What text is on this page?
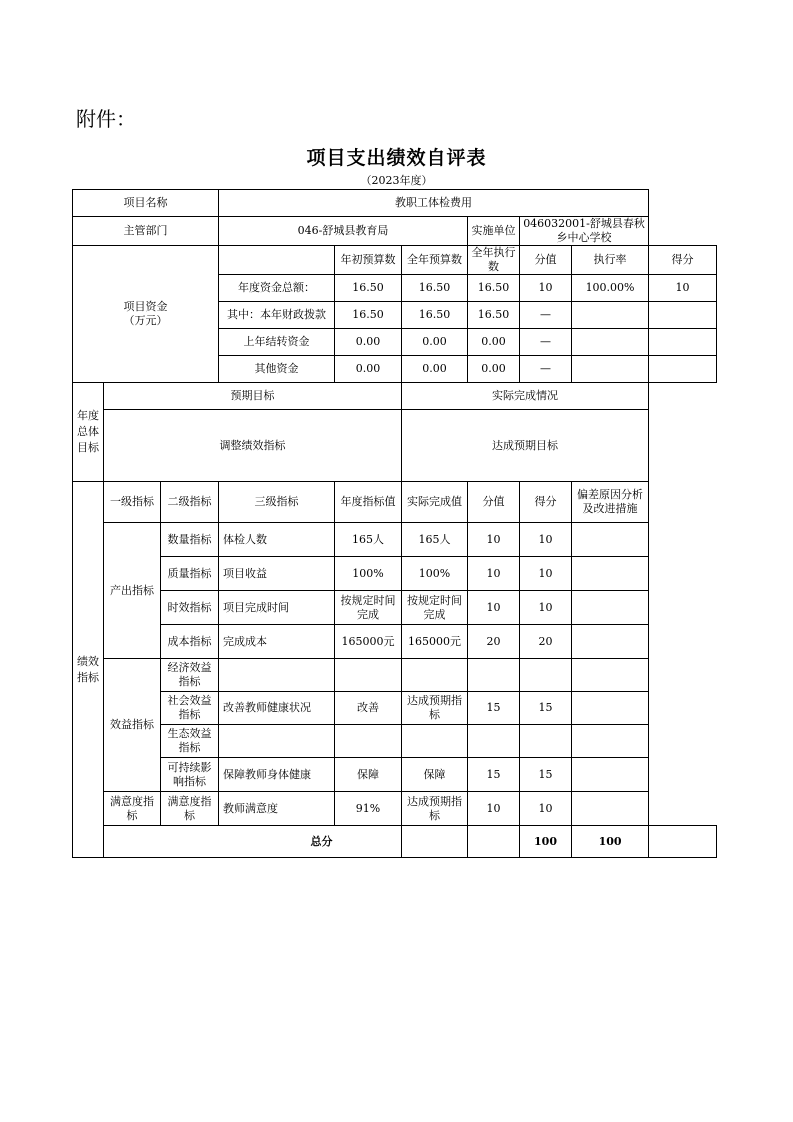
附件：
项目支出绩效自评表
（2023年度）
项目名称			教职工体检费用						
主管部门			046-舒城县教育局			实施单位	046032001-舒城县春秋乡中心学校		
项目资金
（万元）				年初预算数	全年预算数	全年执行数	分值	执行率	得分
			年度资金总额：	16.50	16.50	16.50	10	100.00%	10
			其中：本年财政拨款	16.50	16.50	16.50	—		
			上年结转资金	0.00	0.00	0.00	—		
			其他资金	0.00	0.00	0.00	—		
年度总体目标	预期目标				实际完成情况				
	调整绩效指标				达成预期目标				
绩效指标	一级指标	二级指标	三级指标	年度指标值	实际完成值	分值	得分	偏差原因分析及改进措施	
	产出指标	数量指标	体检人数	165人	165人	10	10		
		质量指标	项目收益	100%	100%	10	10		
		时效指标	项目完成时间	按规定时间完成	按规定时间完成	10	10		
		成本指标	完成成本	165000元	165000元	20	20		
	效益指标	经济效益指标							
		社会效益指标	改善教师健康状况	改善	达成预期指标	15	15		
		生态效益指标							
		可持续影响指标	保障教师身体健康	保障	保障	15	15		
	满意度指标	满意度指标	教师满意度	91%	达成预期指标	10	10		
	总分						100	100	
